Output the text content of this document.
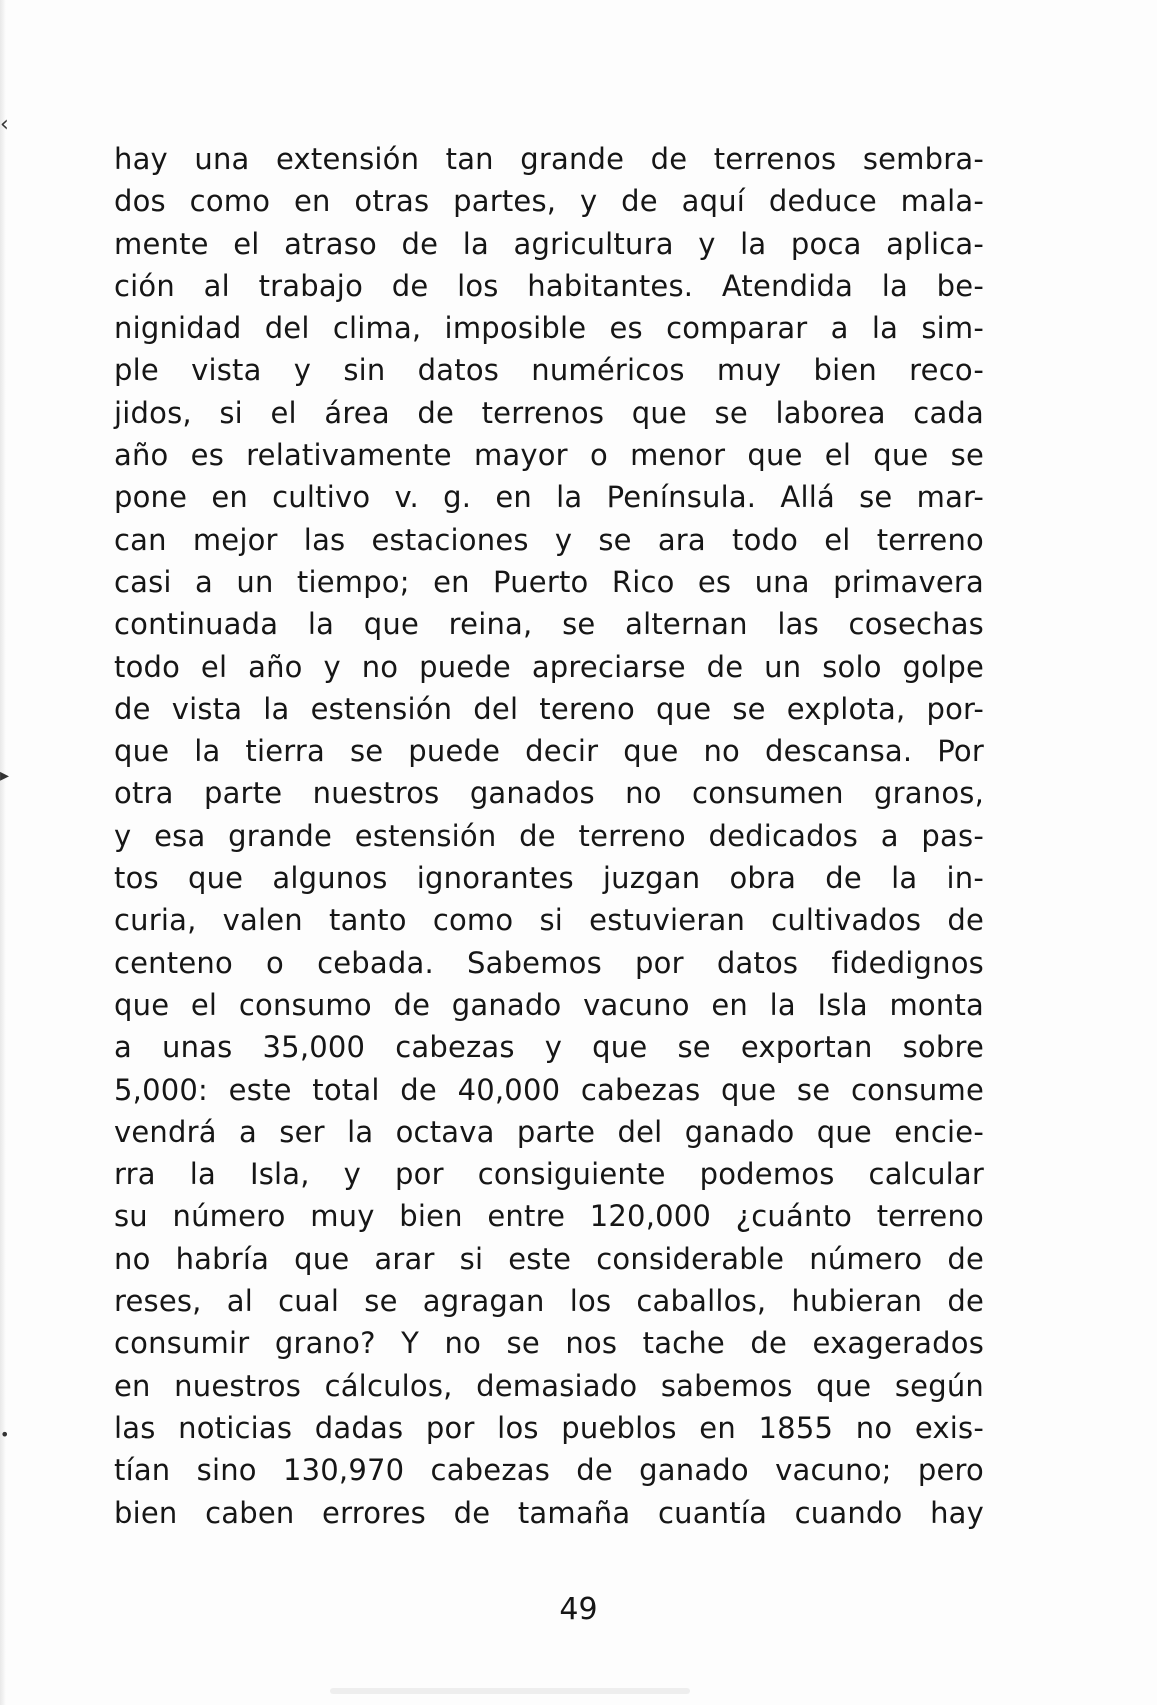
‹
▸
•
hay una extensión tan grande de terrenos sembra-
dos como en otras partes, y de aquí deduce mala-
mente el atraso de la agricultura y la poca aplica-
ción al trabajo de los habitantes. Atendida la be-
nignidad del clima, imposible es comparar a la sim-
ple vista y sin datos numéricos muy bien reco-
jidos, si el área de terrenos que se laborea cada
año es relativamente mayor o menor que el que se
pone en cultivo v. g. en la Península. Allá se mar-
can mejor las estaciones y se ara todo el terreno
casi a un tiempo; en Puerto Rico es una primavera
continuada la que reina, se alternan las cosechas
todo el año y no puede apreciarse de un solo golpe
de vista la estensión del tereno que se explota, por-
que la tierra se puede decir que no descansa. Por
otra parte nuestros ganados no consumen granos,
y esa grande estensión de terreno dedicados a pas-
tos que algunos ignorantes juzgan obra de la in-
curia, valen tanto como si estuvieran cultivados de
centeno o cebada. Sabemos por datos fidedignos
que el consumo de ganado vacuno en la Isla monta
a unas 35,000 cabezas y que se exportan sobre
5,000: este total de 40,000 cabezas que se consume
vendrá a ser la octava parte del ganado que encie-
rra la Isla, y por consiguiente podemos calcular
su número muy bien entre 120,000 ¿cuánto terreno
no habría que arar si este considerable número de
reses, al cual se agragan los caballos, hubieran de
consumir grano? Y no se nos tache de exagerados
en nuestros cálculos, demasiado sabemos que según
las noticias dadas por los pueblos en 1855 no exis-
tían sino 130,970 cabezas de ganado vacuno; pero
bien caben errores de tamaña cuantía cuando hay
49
